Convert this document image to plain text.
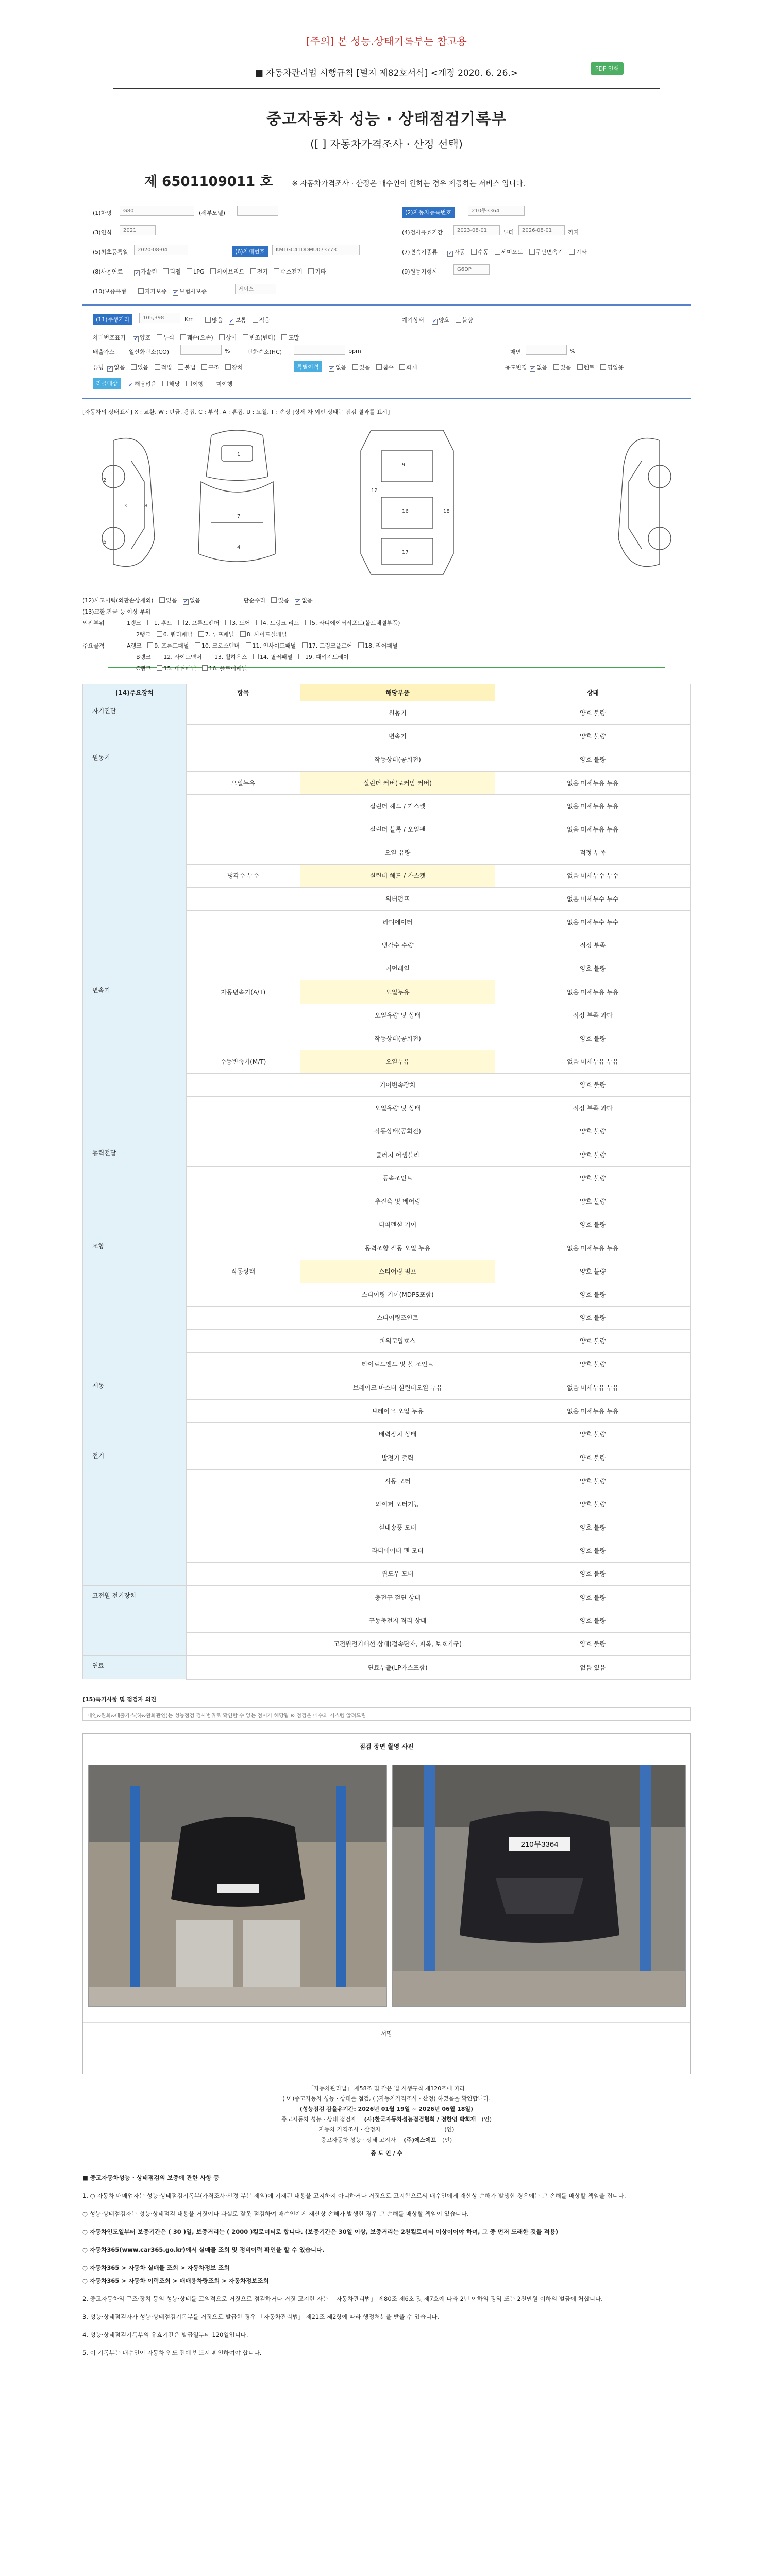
[주의] 본 성능.상태기록부는 참고용
■ 자동차관리법 시행규칙 [별지 제82호서식] <개정 2020. 6. 26.>	PDF 인쇄
중고자동차 성능 · 상태점검기록부
([ ] 자동차가격조사 · 산정 선택)
제 6501109011 호	※ 자동차가격조사 · 산정은 매수인이 원하는 경우 제공하는 서비스 입니다.
(1)차명	G80	(세부모델)	(2)자동차등록번호	210무3364
(3)연식	2021	(4)검사유효기간	2023-08-01	부터	2026-08-01	까지
(5)최초등록일	2020-08-04	(6)차대번호	KMTGC41DDMU073773	(7)변속기종류	✔ 자동 수동 세미오토 무단변속기 기타
(8)사용연료	✔ 가솔린 디젤 LPG 하이브리드 전기 수소전기 기타	(9)원동기형식	G6DP
(10)보증유형	자가보증 ✔ 보험사보증	제이스
(11)주행거리	105,398	Km	많음 ✔ 보통 적음	계기상태	✔ 양호 불량
차대번호표기	✔ 양호 부식 훼손(오손) 상이 변조(변타) 도말
배출가스 일산화탄소(CO)	%	탄화수소(HC)	ppm	매연	%
튜닝 ✔ 없음 있음 적법 불법 구조 장치	특별이력	✔ 없음 있음 침수 화재	용도변경 ✔ 없음 있음 렌트 영업용
리콜대상	✔ 해당없음 해당 이행 미이행
[자동차의 상태표시] X : 교환, W : 판금, 용접, C : 부식, A : 흠집, U : 요철, T : 손상 [상세 차 외판 상태는 점검 결과를 표시]
1
7
4
2
3
6
8
9
16
17
18
12
(12)사고이력(외판손상제외) 있음 ✔ 없음	단순수리 있음 ✔ 없음
(13)교환,판금 등 이상 부위
외판부위	1랭크 1. 후드 2. 프론트펜더 3. 도어 4. 트렁크 리드 5. 라디에이터서포트(볼트체결부품)
2랭크 6. 쿼터패널 7. 루프패널 8. 사이드실패널
주요골격	A랭크 9. 프론트패널 10. 크로스멤버 11. 인사이드패널 17. 트렁크플로어 18. 리어패널
B랭크 12. 사이드멤버 13. 휠하우스 14. 필러패널 19. 패키지트레이
C랭크 15. 대쉬패널 16. 플로어패널
(14)주요장치	항목	해당부품	상태
자기진단		원동기	양호 불량
		변속기	양호 불량
원동기		작동상태(공회전)	양호 불량
	오일누유	실린더 커버(로커암 커버)	없음 미세누유 누유
		실린더 헤드 / 가스켓	없음 미세누유 누유
		실린더 블록 / 오일팬	없음 미세누유 누유
		오일 유량	적정 부족
	냉각수 누수	실린더 헤드 / 가스켓	없음 미세누수 누수
		워터펌프	없음 미세누수 누수
		라디에이터	없음 미세누수 누수
		냉각수 수량	적정 부족
		커먼레일	양호 불량
변속기	자동변속기(A/T)	오일누유	없음 미세누유 누유
		오일유량 및 상태	적정 부족 과다
		작동상태(공회전)	양호 불량
	수동변속기(M/T)	오일누유	없음 미세누유 누유
		기어변속장치	양호 불량
		오일유량 및 상태	적정 부족 과다
		작동상태(공회전)	양호 불량
동력전달		클러치 어셈블리	양호 불량
		등속조인트	양호 불량
		추진축 및 베어링	양호 불량
		디퍼렌셜 기어	양호 불량
조향		동력조향 작동 오일 누유	없음 미세누유 누유
	작동상태	스티어링 펌프	양호 불량
		스티어링 기어(MDPS포함)	양호 불량
		스티어링조인트	양호 불량
		파워고압호스	양호 불량
		타이로드엔드 및 볼 조인트	양호 불량
제동		브레이크 마스터 실린더오일 누유	없음 미세누유 누유
		브레이크 오일 누유	없음 미세누유 누유
		배력장치 상태	양호 불량
전기		발전기 출력	양호 불량
		시동 모터	양호 불량
		와이퍼 모터기능	양호 불량
		실내송풍 모터	양호 불량
		라디에이터 팬 모터	양호 불량
		윈도우 모터	양호 불량
고전원 전기장치		충전구 절연 상태	양호 불량
		구동축전지 격리 상태	양호 불량
		고전원전기배선 상태(접속단자, 피복, 보호기구)	양호 불량
연료		연료누출(LP가스포함)	없음 있음
(15)특기사항 및 점검자 의견
내연&완화&배출가스(하&완화관연)는 성능점검 검사범위로 확인할 수 없는 점이가 해당됨 ※ 점검은 매수의 시스템 알려드림
점검 장면 촬영 사진
210무3364
서명
「자동차관리법」 제58조 및 같은 법 시행규칙 제120조에 따라
( V )중고자동차 성능 · 상태를 점검, ( )자동차가격조사 · 산정) 하였음을 확인합니다.
(성능점검 감을유기간: 2026년 01월 19일 ~ 2026년 06월 18일)
중고자동차 성능 · 상태 점검자 (사)한국자동차성능점검협회 / 정한영 박희재 (인)
자동차 가격조사 · 산정자	(인)
중고자동차 성능 · 상태 고지자 (주)에스에프 (인)
중 도 인 / 수

■ 중고자동차성능 · 상태점검의 보증에 관한 사항 등

1. ○ 자동차 매매업자는 성능·상태점검기록부(가격조사·산정 부분 제외)에 기재된 내용을 고지하지 아니하거나 거짓으로 고지함으로써 매수인에게 재산상 손해가 발생한 경우에는 그 손해를 배상할 책임을 집니다.

○ 성능·상태점검자는 성능·상태점검 내용을 거짓이나 과실로 잘못 점검하여 매수인에게 재산상 손해가 발생한 경우 그 손해를 배상할 책임이 있습니다.

○ 자동차인도일부터 보증기간은 ( 30 )일, 보증거리는 ( 2000 )킬로미터로 합니다. (보증기간은 30일 이상, 보증거리는 2천킬로미터 이상이어야 하며, 그 중 먼저 도래한 것을 적용)

○ 자동차365(www.car365.go.kr)에서 실매물 조회 및 정비이력 확인을 할 수 있습니다.

○ 자동차365 > 자동차 실매물 조회 > 자동차정보 조회

○ 자동차365 > 자동차 이력조회 > 매매용차량조회 > 자동차정보조회

2. 중고자동차의 구조·장치 등의 성능·상태를 고의적으로 거짓으로 점검하거나 거짓 고지한 자는 「자동차관리법」 제80조 제6호 및 제7호에 따라 2년 이하의 징역 또는 2천만원 이하의 벌금에 처합니다.

3. 성능·상태점검자가 성능·상태점검기록부를 거짓으로 발급한 경우 「자동차관리법」 제21조 제2항에 따라 행정처분을 받을 수 있습니다.

4. 성능·상태점검기록부의 유효기간은 발급일부터 120일입니다.

5. 이 기록부는 매수인이 자동차 인도 전에 반드시 확인하여야 합니다.
